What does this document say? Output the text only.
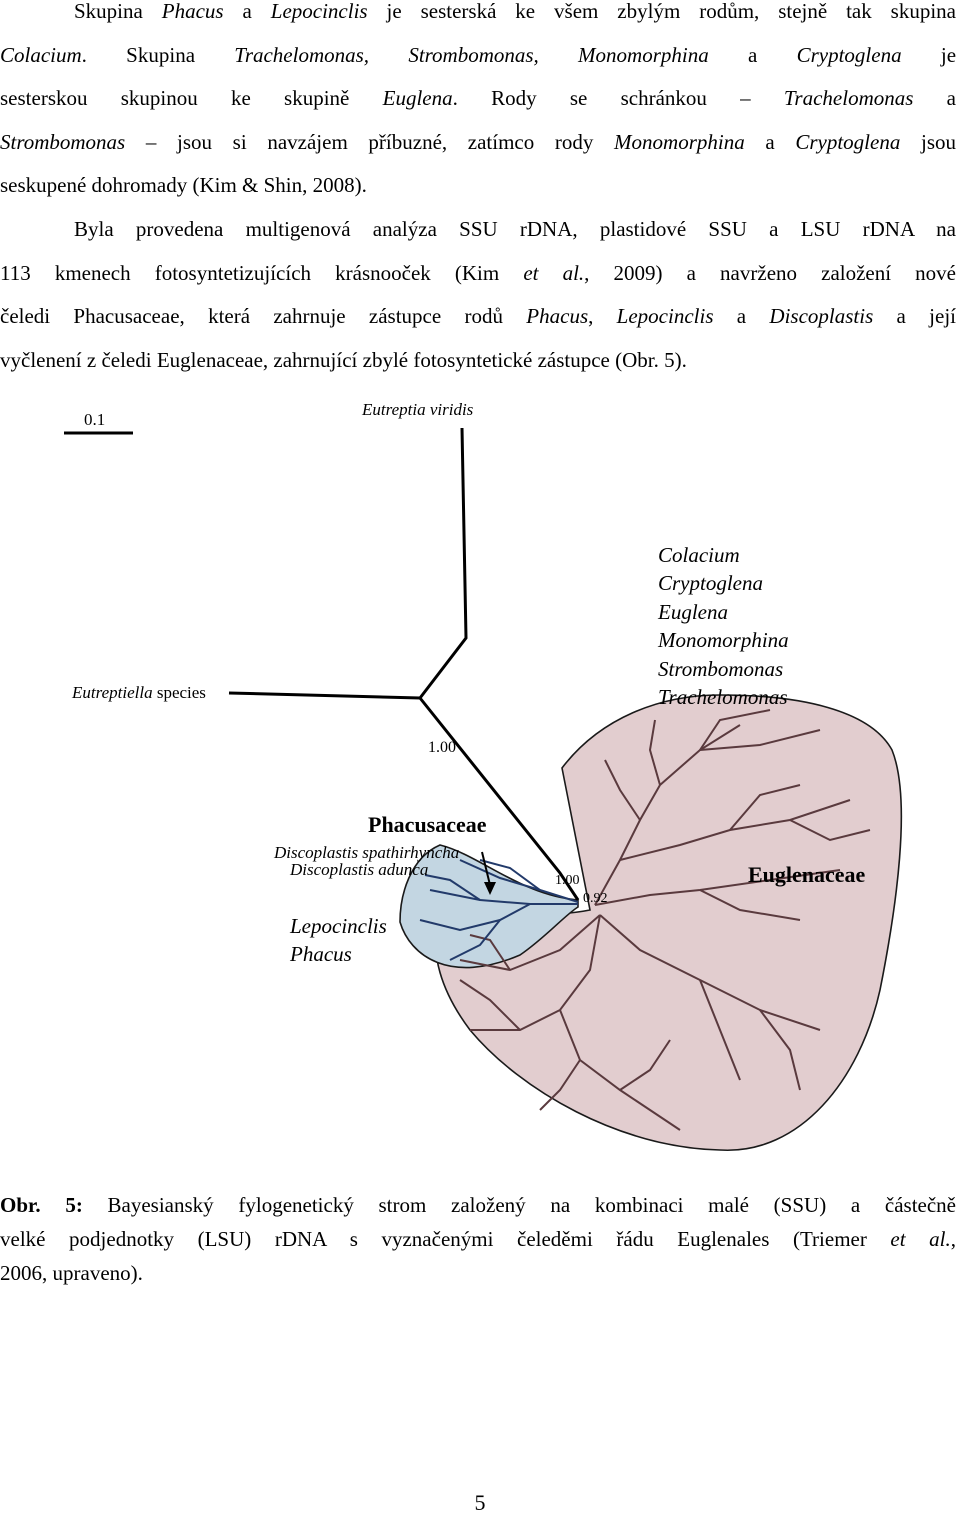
Skupina Phacus a Lepocinclis je sesterská ke všem zbylým rodům, stejně tak skupina
Colacium. Skupina Trachelomonas, Strombomonas, Monomorphina a Cryptoglena je
sesterskou skupinou ke skupině Euglena. Rody se schránkou – Trachelomonas a
Strombomonas – jsou si navzájem příbuzné, zatímco rody Monomorphina a Cryptoglena jsou
seskupené dohromady (Kim & Shin, 2008).
Byla provedena multigenová analýza SSU rDNA, plastidové SSU a LSU rDNA na
113 kmenech fotosyntetizujících krásnooček (Kim et al., 2009) a navrženo založení nové
čeledi Phacusaceae, která zahrnuje zástupce rodů Phacus, Lepocinclis a Discoplastis a její
vyčlenení z čeledi Euglenaceae, zahrnující zbylé fotosyntetické zástupce (Obr. 5).
0.1
Eutreptia viridis
Eutreptiella species
1.00
1.00
0.92
Colacium
Cryptoglena
Euglena
Monomorphina
Strombomonas
Trachelomonas
Phacusaceae
Euglenaceae
Discoplastis spathirhyncha
Discoplastis adunca
Lepocinclis
Phacus
Obr. 5: Bayesianský fylogenetický strom založený na kombinaci malé (SSU) a částečně
velké podjednotky (LSU) rDNA s vyznačenými čeleděmi řádu Euglenales (Triemer et al.,
2006, upraveno).
5
